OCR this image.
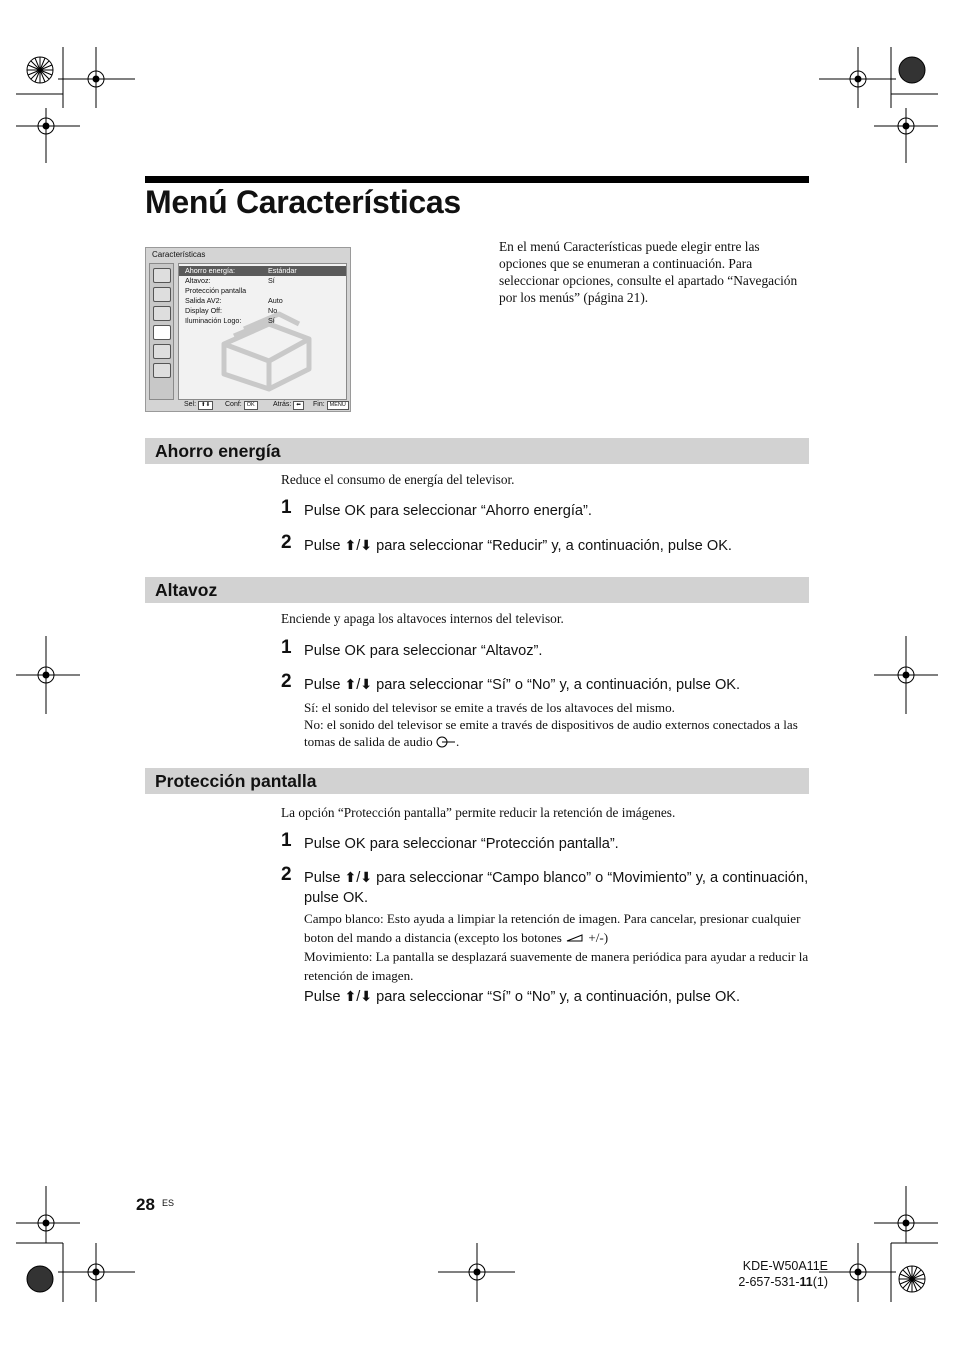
Menú Características
Características
Ahorro energía:	Estándar
Altavoz:	Sí
Protección pantalla
Salida AV2:	Auto
Display Off:	No
Iluminación Logo:	Sí
Sel: ⬆⬇	Conf: OK	Atrás: ⬅	Fin: MENU
En el menú Características puede elegir entre las opciones que se enumeran a continuación. Para seleccionar opciones, consulte el apartado “Navegación por los menús” (página 21).
Ahorro energía
Reduce el consumo de energía del televisor.
1 Pulse OK para seleccionar “Ahorro energía”.
2 Pulse ⬆/⬇ para seleccionar “Reducir” y, a continuación, pulse OK.
Altavoz
Enciende y apaga los altavoces internos del televisor.
1 Pulse OK para seleccionar “Altavoz”.
2 Pulse ⬆/⬇ para seleccionar “Sí” o “No” y, a continuación, pulse OK.
Sí: el sonido del televisor se emite a través de los altavoces del mismo.
No: el sonido del televisor se emite a través de dispositivos de audio externos conectados a las tomas de salida de audio .
Protección pantalla
La opción “Protección pantalla” permite reducir la retención de imágenes.
1 Pulse OK para seleccionar “Protección pantalla”.
2 Pulse ⬆/⬇ para seleccionar “Campo blanco” o “Movimiento” y, a continuación, pulse OK.
Campo blanco: Esto ayuda a limpiar la retención de imagen. Para cancelar, presionar cualquier boton del mando a distancia (excepto los botones +/-)
Movimiento: La pantalla se desplazará suavemente de manera periódica para ayudar a reducir la retención de imagen.
Pulse ⬆/⬇ para seleccionar “Sí” o “No” y, a continuación, pulse OK.
28 ES
KDE-W50A11E
2-657-531-11(1)
